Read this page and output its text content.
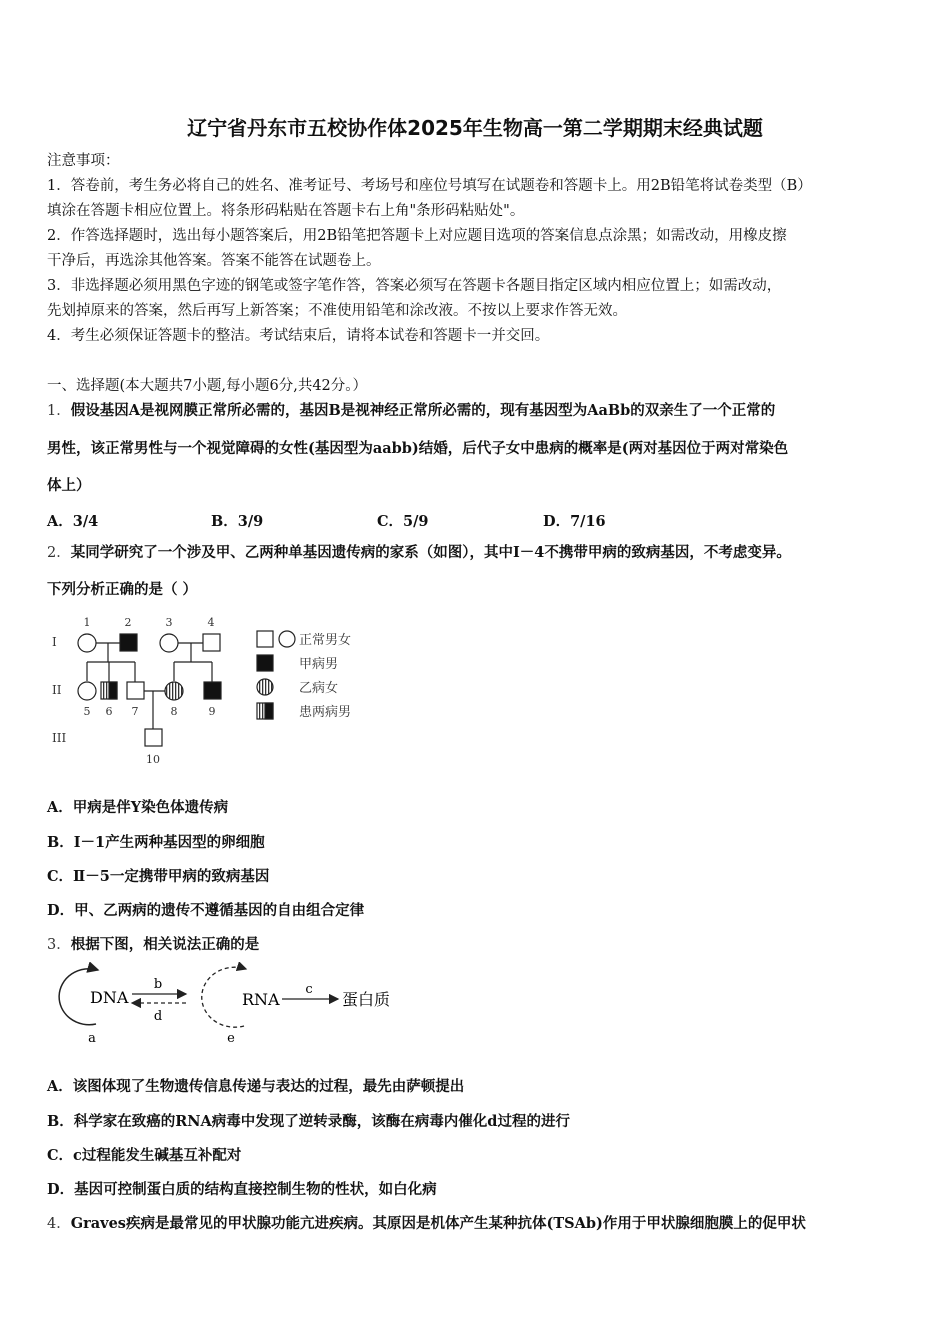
辽宁省丹东市五校协作体2025年生物高一第二学期期末经典试题
注意事项：
1．答卷前，考生务必将自己的姓名、准考证号、考场号和座位号填写在试题卷和答题卡上。用2B铅笔将试卷类型（B）
填涂在答题卡相应位置上。将条形码粘贴在答题卡右上角"条形码粘贴处"。
2．作答选择题时，选出每小题答案后，用2B铅笔把答题卡上对应题目选项的答案信息点涂黑；如需改动，用橡皮擦
干净后，再选涂其他答案。答案不能答在试题卷上。
3．非选择题必须用黑色字迹的钢笔或签字笔作答，答案必须写在答题卡各题目指定区域内相应位置上；如需改动，
先划掉原来的答案，然后再写上新答案；不准使用铅笔和涂改液。不按以上要求作答无效。
4．考生必须保证答题卡的整洁。考试结束后，请将本试卷和答题卡一并交回。
一、选择题(本大题共7小题,每小题6分,共42分。）
1．假设基因A是视网膜正常所必需的，基因B是视神经正常所必需的，现有基因型为AaBb的双亲生了一个正常的
男性，该正常男性与一个视觉障碍的女性(基因型为aabb)结婚，后代子女中患病的概率是(两对基因位于两对常染色
体上）
A．3/4	B．3/9	C．5/9	D．7/16
2．某同学研究了一个涉及甲、乙两种单基因遗传病的家系（如图），其中Ⅰ－4不携带甲病的致病基因，不考虑变异。
下列分析正确的是（ ）
I
II
III
1	2	3	4
5 6 7	8	9
10
正常男女
甲病男
乙病女
患两病男
A．甲病是伴Y染色体遗传病
B．Ⅰ－1产生两种基因型的卵细胞
C．Ⅱ－5一定携带甲病的致病基因
D．甲、乙两病的遗传不遵循基因的自由组合定律
3．根据下图，相关说法正确的是
DNA
b
d
RNA
c
蛋白质
a	e
A．该图体现了生物遗传信息传递与表达的过程，最先由萨顿提出
B．科学家在致癌的RNA病毒中发现了逆转录酶，该酶在病毒内催化d过程的进行
C．c过程能发生碱基互补配对
D．基因可控制蛋白质的结构直接控制生物的性状，如白化病
4．Graves疾病是最常见的甲状腺功能亢进疾病。其原因是机体产生某种抗体(TSAb)作用于甲状腺细胞膜上的促甲状
